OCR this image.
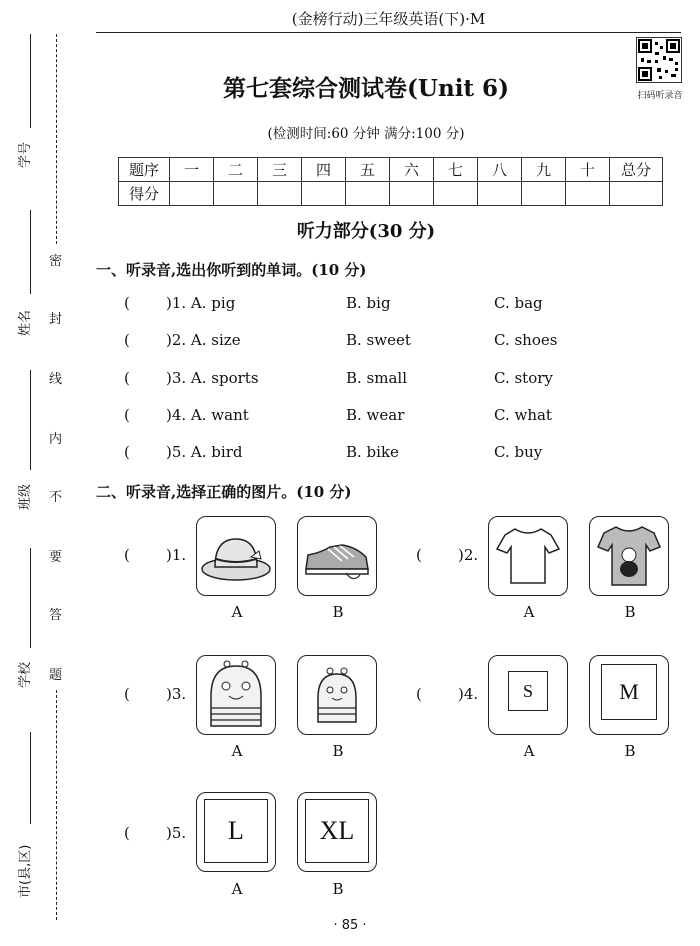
(金榜行动)三年级英语(下)·M
扫码听录音
第七套综合测试卷(Unit 6)
(检测时间:60 分钟 满分:100 分)
题序	一	二	三	四	五	六	七	八	九	十	总分
得分											
听力部分(30 分)
一、听录音,选出你听到的单词。(10 分)
( )1. A. pig	B. big	C. bag
( )2. A. size	B. sweet	C. shoes
( )3. A. sports	B. small	C. story
( )4. A. want	B. wear	C. what
( )5. A. bird	B. bike	C. buy
二、听录音,选择正确的图片。(10 分)
( )1.
A	B
( )2.
A	B
( )3.
A	B
( )4.	S	M
A	B
( )5.	L	XL
A	B
学号
姓名
班级
学校
市(县,区)
密
封
线
内
不
要
答
题
· 85 ·
